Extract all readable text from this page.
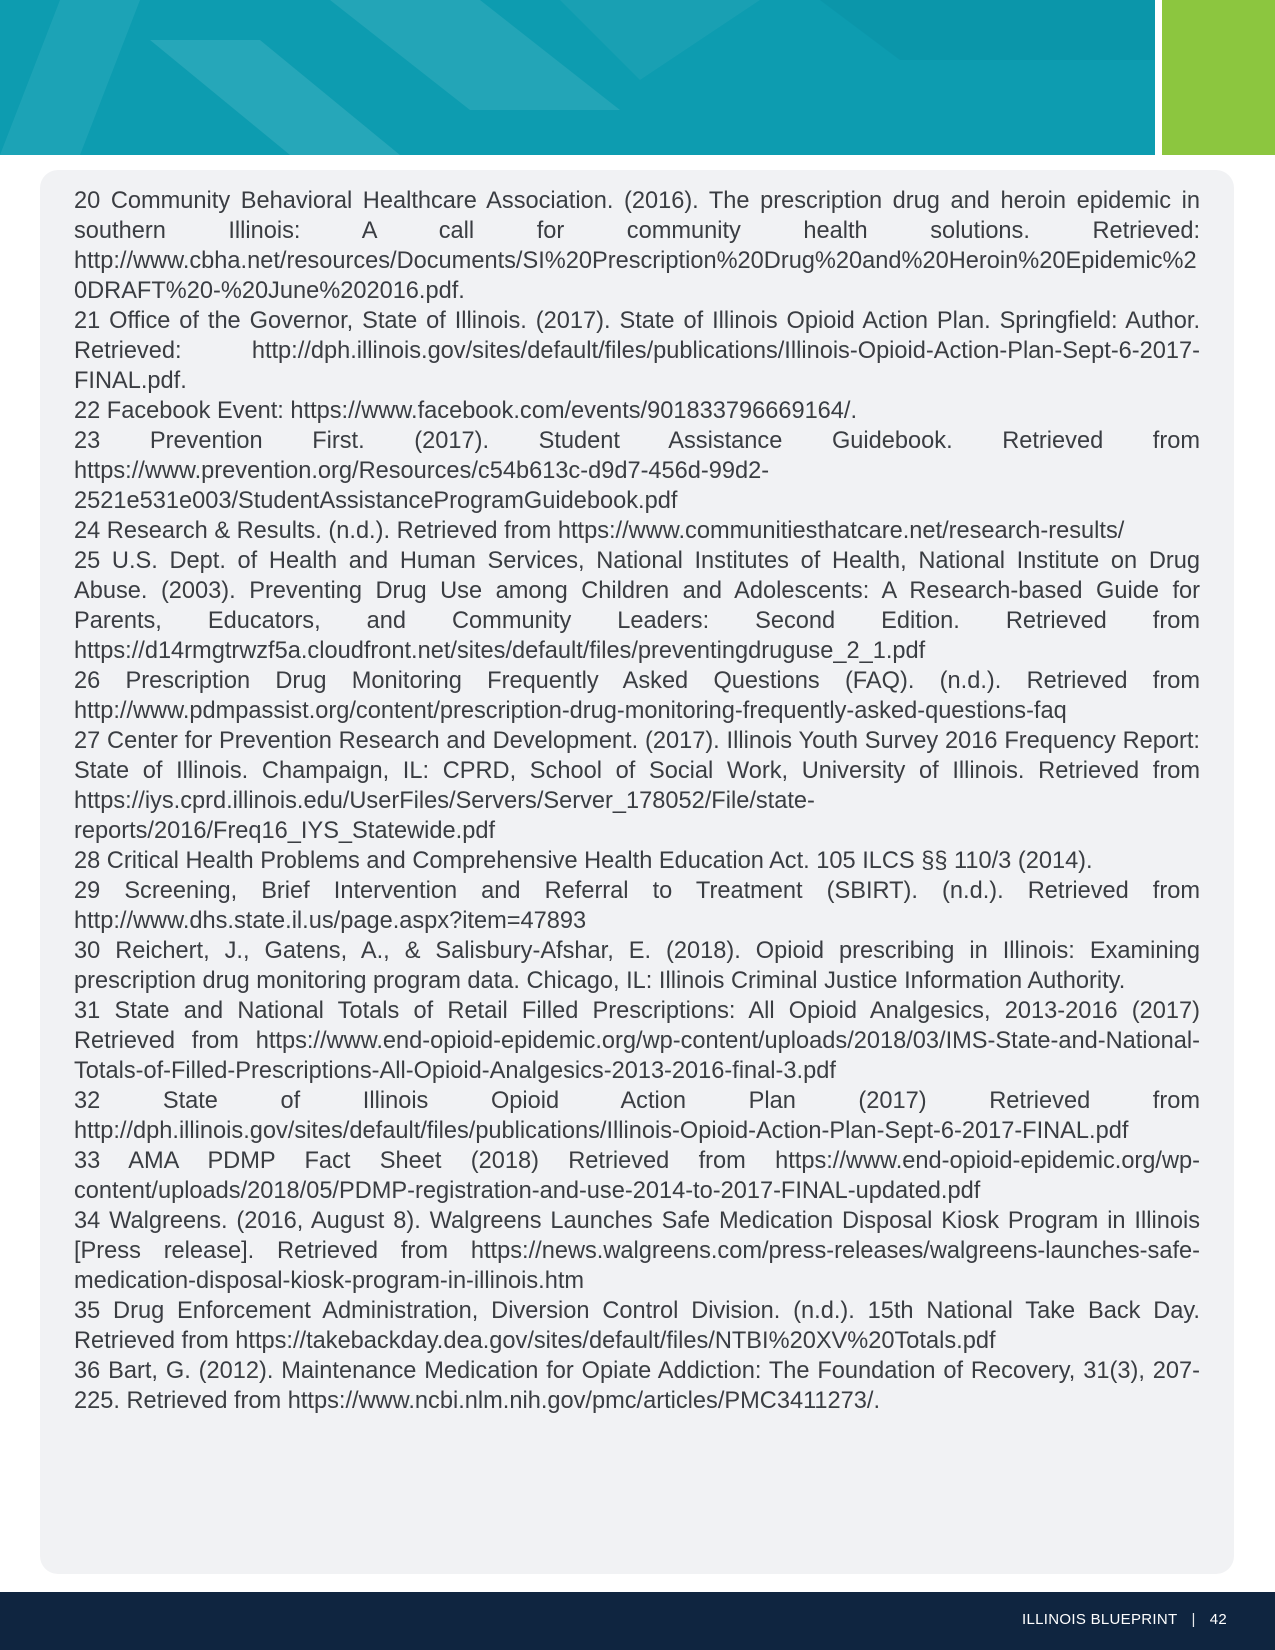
20 Community Behavioral Healthcare Association. (2016). The prescription drug and heroin epidemic in southern Illinois: A call for community health solutions. Retrieved: http://www.cbha.net/resources/Documents/SI%20Prescription%20Drug%20and%20Heroin%20Epidemic%20DRAFT%20-%20June%202016.pdf.
21 Office of the Governor, State of Illinois. (2017). State of Illinois Opioid Action Plan. Springfield: Author. Retrieved: http://dph.illinois.gov/sites/default/files/publications/Illinois-Opioid-Action-Plan-Sept-6-2017-FINAL.pdf.
22 Facebook Event: https://www.facebook.com/events/901833796669164/.
23 Prevention First. (2017). Student Assistance Guidebook. Retrieved from https://www.prevention.org/Resources/c54b613c-d9d7-456d-99d2-2521e531e003/StudentAssistanceProgramGuidebook.pdf
24 Research & Results. (n.d.). Retrieved from https://www.communitiesthatcare.net/research-results/
25 U.S. Dept. of Health and Human Services, National Institutes of Health, National Institute on Drug Abuse. (2003). Preventing Drug Use among Children and Adolescents: A Research-based Guide for Parents, Educators, and Community Leaders: Second Edition. Retrieved from https://d14rmgtrwzf5a.cloudfront.net/sites/default/files/preventingdruguse_2_1.pdf
26 Prescription Drug Monitoring Frequently Asked Questions (FAQ). (n.d.). Retrieved from http://www.pdmpassist.org/content/prescription-drug-monitoring-frequently-asked-questions-faq
27 Center for Prevention Research and Development. (2017). Illinois Youth Survey 2016 Frequency Report: State of Illinois. Champaign, IL: CPRD, School of Social Work, University of Illinois. Retrieved from https://iys.cprd.illinois.edu/UserFiles/Servers/Server_178052/File/state-reports/2016/Freq16_IYS_Statewide.pdf
28 Critical Health Problems and Comprehensive Health Education Act. 105 ILCS §§ 110/3 (2014).
29 Screening, Brief Intervention and Referral to Treatment (SBIRT). (n.d.). Retrieved from http://www.dhs.state.il.us/page.aspx?item=47893
30 Reichert, J., Gatens, A., & Salisbury-Afshar, E. (2018). Opioid prescribing in Illinois: Examining prescription drug monitoring program data. Chicago, IL: Illinois Criminal Justice Information Authority.
31 State and National Totals of Retail Filled Prescriptions: All Opioid Analgesics, 2013-2016 (2017) Retrieved from https://www.end-opioid-epidemic.org/wp-content/uploads/2018/03/IMS-State-and-National-Totals-of-Filled-Prescriptions-All-Opioid-Analgesics-2013-2016-final-3.pdf
32 State of Illinois Opioid Action Plan (2017) Retrieved from http://dph.illinois.gov/sites/default/files/publications/Illinois-Opioid-Action-Plan-Sept-6-2017-FINAL.pdf
33 AMA PDMP Fact Sheet (2018) Retrieved from https://www.end-opioid-epidemic.org/wp-content/uploads/2018/05/PDMP-registration-and-use-2014-to-2017-FINAL-updated.pdf
34 Walgreens. (2016, August 8). Walgreens Launches Safe Medication Disposal Kiosk Program in Illinois [Press release]. Retrieved from https://news.walgreens.com/press-releases/walgreens-launches-safe-medication-disposal-kiosk-program-in-illinois.htm
35 Drug Enforcement Administration, Diversion Control Division. (n.d.). 15th National Take Back Day. Retrieved from https://takebackday.dea.gov/sites/default/files/NTBI%20XV%20Totals.pdf
36 Bart, G. (2012). Maintenance Medication for Opiate Addiction: The Foundation of Recovery, 31(3), 207-225. Retrieved from https://www.ncbi.nlm.nih.gov/pmc/articles/PMC3411273/.
ILLINOIS BLUEPRINT | 42
